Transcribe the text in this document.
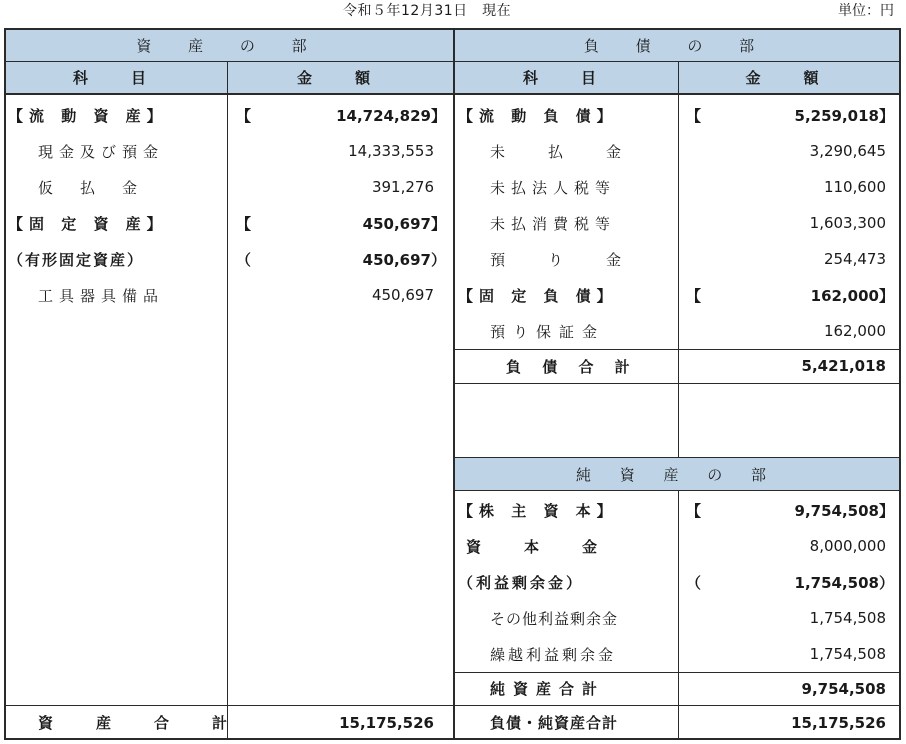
令和５年12月31日　現在	単位：円
資 産 の 部	負 債 の 部
科　目	金　額	科　目	金　額
【流 動 資 産】	【	14,724,829】
現金及び預金	14,333,553
仮　払　金	391,276
【固 定 資 産】	【	450,697】
（有形固定資産）	（	450,697）
工具器具備品	450,697
資　産　合　計	15,175,526
【流 動 負 債】	【	5,259,018】
未　払　金	3,290,645
未払法人税等	110,600
未払消費税等	1,603,300
預　り　金	254,473
【固 定 負 債】	【	162,000】
預り保証金	162,000
負 債 合 計	5,421,018
純 資 産 の 部
【株 主 資 本】	【	9,754,508】
資　本　金	8,000,000
（利益剰余金）	（	1,754,508）
その他利益剰余金	1,754,508
繰越利益剰余金	1,754,508
純資産合計	9,754,508
負債・純資産合計	15,175,526
